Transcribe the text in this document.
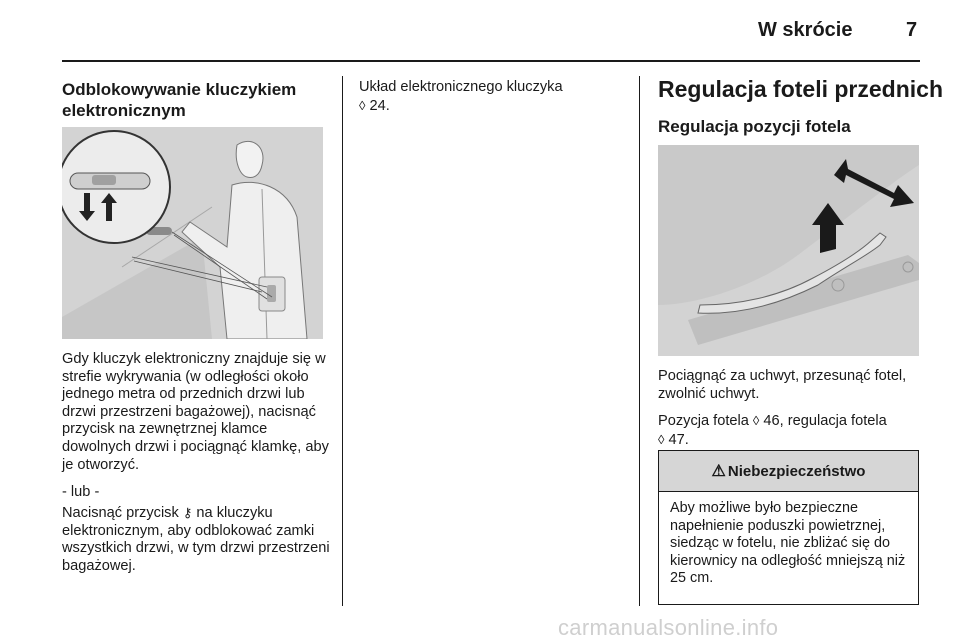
W skrócie	7
Odblokowywanie kluczykiem elektronicznym
Gdy kluczyk elektroniczny znajduje się w strefie wykrywania (w odległości około jednego metra od przednich drzwi lub drzwi przestrzeni bagażowej), nacisnąć przycisk na zewnętrznej klamce dowolnych drzwi i pociągnąć klamkę, aby je otworzyć.
- lub -
Nacisnąć przycisk ⚷ na kluczyku elektronicznym, aby odblokować zamki wszystkich drzwi, w tym drzwi przestrzeni bagażowej.
Układ elektronicznego kluczyka
◊ 24.
Regulacja foteli przednich
Regulacja pozycji fotela
Pociągnąć za uchwyt, przesunąć fotel, zwolnić uchwyt.
Pozycja fotela ◊ 46, regulacja fotela
◊ 47.
⚠ Niebezpieczeństwo
Aby możliwe było bezpieczne napełnienie poduszki powietrznej, siedząc w fotelu, nie zbliżać się do kierownicy na odległość mniejszą niż 25 cm.
carmanualsonline.info
